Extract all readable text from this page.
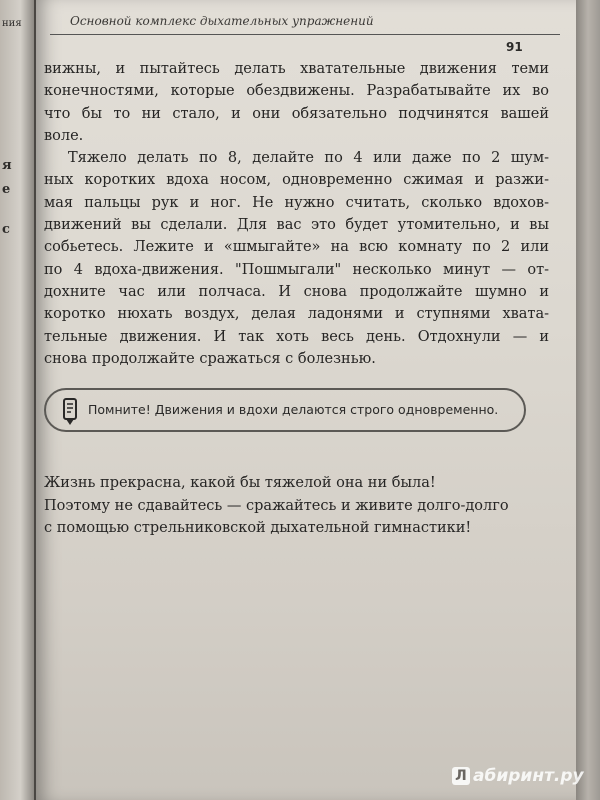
ния
я
е
с
Основной комплекс дыхательных упражнений
91
вижны, и пытайтесь делать хватательные движения теми
конечностями, которые обездвижены. Разрабатывайте их во
что бы то ни стало, и они обязательно подчинятся вашей
воле.
Тяжело делать по 8, делайте по 4 или даже по 2 шум-
ных коротких вдоха носом, одновременно сжимая и разжи-
мая пальцы рук и ног. Не нужно считать, сколько вдохов-
движений вы сделали. Для вас это будет утомительно, и вы
собьетесь. Лежите и «шмыгайте» на всю комнату по 2 или
по 4 вдоха-движения. "Пошмыгали" несколько минут — от-
дохните час или полчаса. И снова продолжайте шумно и
коротко нюхать воздух, делая ладонями и ступнями хвата-
тельные движения. И так хоть весь день. Отдохнули — и
снова продолжайте сражаться с болезнью.
Помните! Движения и вдохи делаются строго одновременно.
Жизнь прекрасна, какой бы тяжелой она ни была!
Поэтому не сдавайтесь — сражайтесь и живите долго-долго
с помощью стрельниковской дыхательной гимнастики!
Л абиринт.ру
